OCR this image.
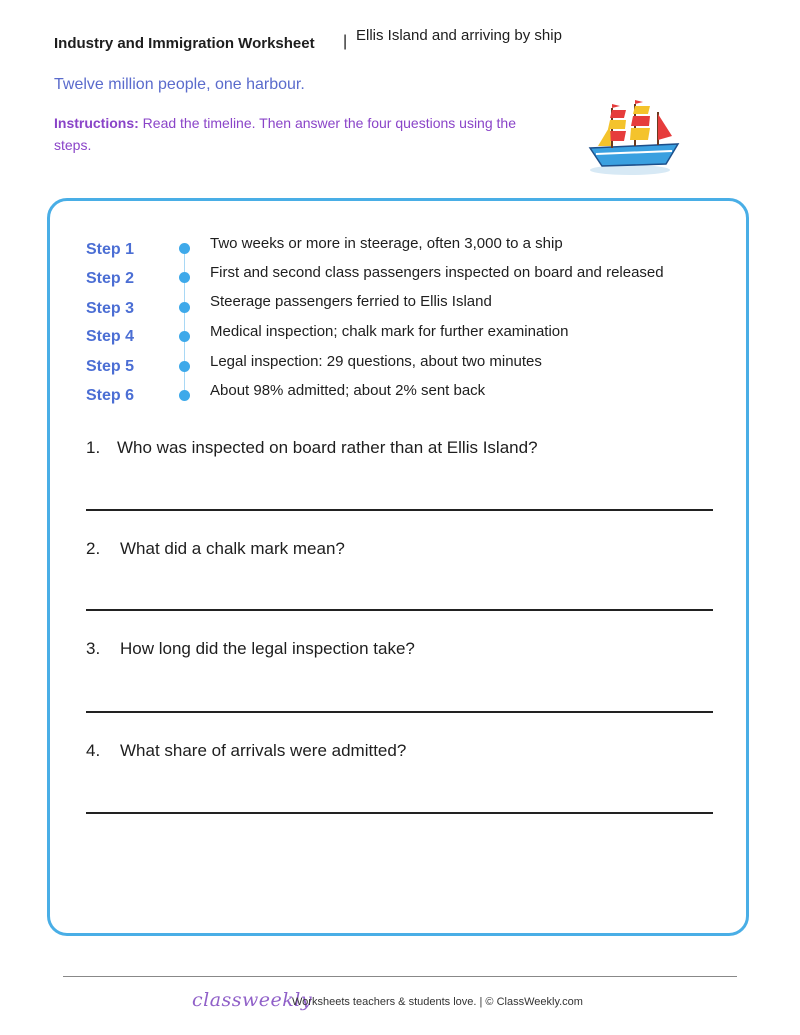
Industry and Immigration Worksheet | Ellis Island and arriving by ship
Twelve million people, one harbour.
Instructions: Read the timeline. Then answer the four questions using the steps.
Step 1	Two weeks or more in steerage, often 3,000 to a ship
Step 2	First and second class passengers inspected on board and released
Step 3	Steerage passengers ferried to Ellis Island
Step 4	Medical inspection; chalk mark for further examination
Step 5	Legal inspection: 29 questions, about two minutes
Step 6	About 98% admitted; about 2% sent back
1. Who was inspected on board rather than at Ellis Island?
2. What did a chalk mark mean?
3. How long did the legal inspection take?
4. What share of arrivals were admitted?
classweekly
Worksheets teachers & students love. | © ClassWeekly.com
